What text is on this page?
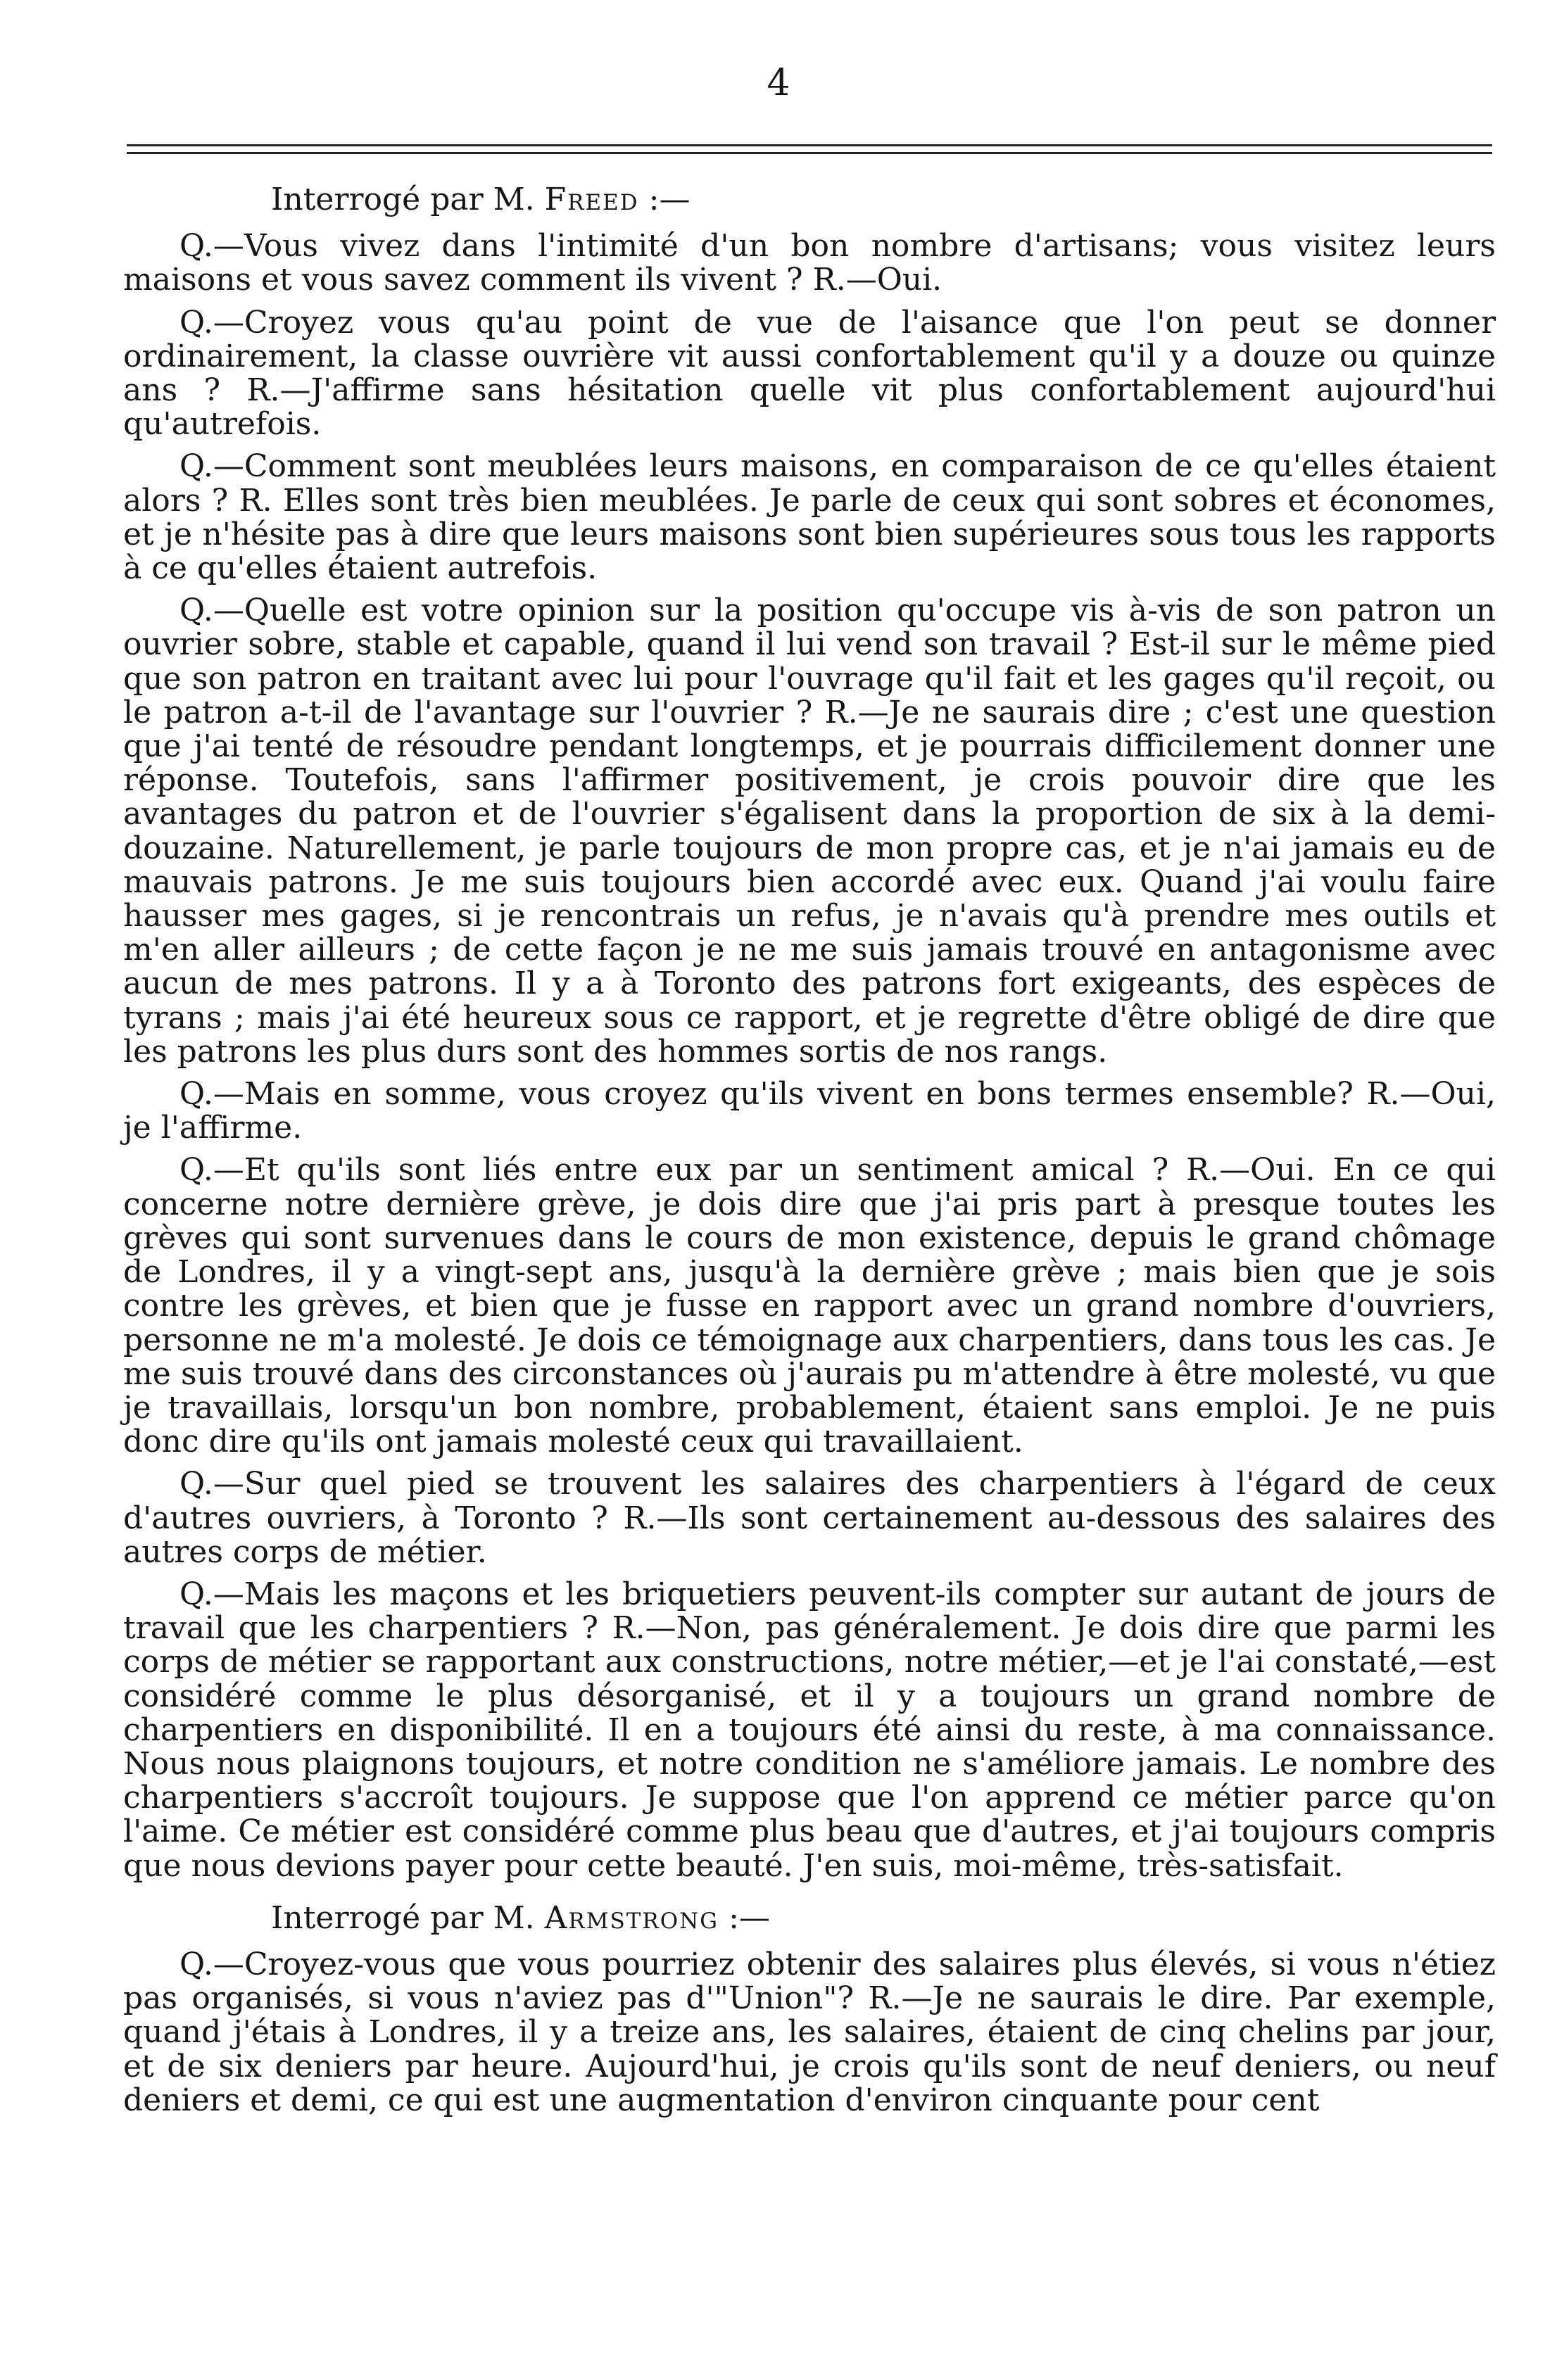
4

Interrogé par M. Freed :—

Q.—Vous vivez dans l'intimité d'un bon nombre d'artisans; vous visitez leurs maisons et vous savez comment ils vivent ? R.—Oui.

Q.—Croyez vous qu'au point de vue de l'aisance que l'on peut se donner ordinairement, la classe ouvrière vit aussi confortablement qu'il y a douze ou quinze ans ? R.—J'affirme sans hésitation quelle vit plus confortablement aujourd'hui qu'autrefois.

Q.—Comment sont meublées leurs maisons, en comparaison de ce qu'elles étaient alors ? R. Elles sont très bien meublées. Je parle de ceux qui sont sobres et économes, et je n'hésite pas à dire que leurs maisons sont bien supérieures sous tous les rapports à ce qu'elles étaient autrefois.

Q.—Quelle est votre opinion sur la position qu'occupe vis à-vis de son patron un ouvrier sobre, stable et capable, quand il lui vend son travail ? Est-il sur le même pied que son patron en traitant avec lui pour l'ouvrage qu'il fait et les gages qu'il reçoit, ou le patron a-t-il de l'avantage sur l'ouvrier ? R.—Je ne saurais dire ; c'est une question que j'ai tenté de résoudre pendant longtemps, et je pourrais difficilement donner une réponse. Toutefois, sans l'affirmer positivement, je crois pouvoir dire que les avantages du patron et de l'ouvrier s'égalisent dans la proportion de six à la demi-douzaine. Naturellement, je parle toujours de mon propre cas, et je n'ai jamais eu de mauvais patrons. Je me suis toujours bien accordé avec eux. Quand j'ai voulu faire hausser mes gages, si je rencontrais un refus, je n'avais qu'à prendre mes outils et m'en aller ailleurs ; de cette façon je ne me suis jamais trouvé en antagonisme avec aucun de mes patrons. Il y a à Toronto des patrons fort exigeants, des espèces de tyrans ; mais j'ai été heureux sous ce rapport, et je regrette d'être obligé de dire que les patrons les plus durs sont des hommes sortis de nos rangs.

Q.—Mais en somme, vous croyez qu'ils vivent en bons termes ensemble? R.—Oui, je l'affirme.

Q.—Et qu'ils sont liés entre eux par un sentiment amical ? R.—Oui. En ce qui concerne notre dernière grève, je dois dire que j'ai pris part à presque toutes les grèves qui sont survenues dans le cours de mon existence, depuis le grand chômage de Londres, il y a vingt-sept ans, jusqu'à la dernière grève ; mais bien que je sois contre les grèves, et bien que je fusse en rapport avec un grand nombre d'ouvriers, personne ne m'a molesté. Je dois ce témoignage aux charpentiers, dans tous les cas. Je me suis trouvé dans des circonstances où j'aurais pu m'attendre à être molesté, vu que je travaillais, lorsqu'un bon nombre, probablement, étaient sans emploi. Je ne puis donc dire qu'ils ont jamais molesté ceux qui travaillaient.

Q.—Sur quel pied se trouvent les salaires des charpentiers à l'égard de ceux d'autres ouvriers, à Toronto ? R.—Ils sont certainement au-dessous des salaires des autres corps de métier.

Q.—Mais les maçons et les briquetiers peuvent-ils compter sur autant de jours de travail que les charpentiers ? R.—Non, pas généralement. Je dois dire que parmi les corps de métier se rapportant aux constructions, notre métier,—et je l'ai constaté,—est considéré comme le plus désorganisé, et il y a toujours un grand nombre de charpentiers en disponibilité. Il en a toujours été ainsi du reste, à ma connaissance. Nous nous plaignons toujours, et notre condition ne s'améliore jamais. Le nombre des charpentiers s'accroît toujours. Je suppose que l'on apprend ce métier parce qu'on l'aime. Ce métier est considéré comme plus beau que d'autres, et j'ai toujours compris que nous devions payer pour cette beauté. J'en suis, moi-même, très-satisfait.

Interrogé par M. Armstrong :—

Q.—Croyez-vous que vous pourriez obtenir des salaires plus élevés, si vous n'étiez pas organisés, si vous n'aviez pas d'"Union"? R.—Je ne saurais le dire. Par exemple, quand j'étais à Londres, il y a treize ans, les salaires, étaient de cinq chelins par jour, et de six deniers par heure. Aujourd'hui, je crois qu'ils sont de neuf deniers, ou neuf deniers et demi, ce qui est une augmentation d'environ cinquante pour cent
